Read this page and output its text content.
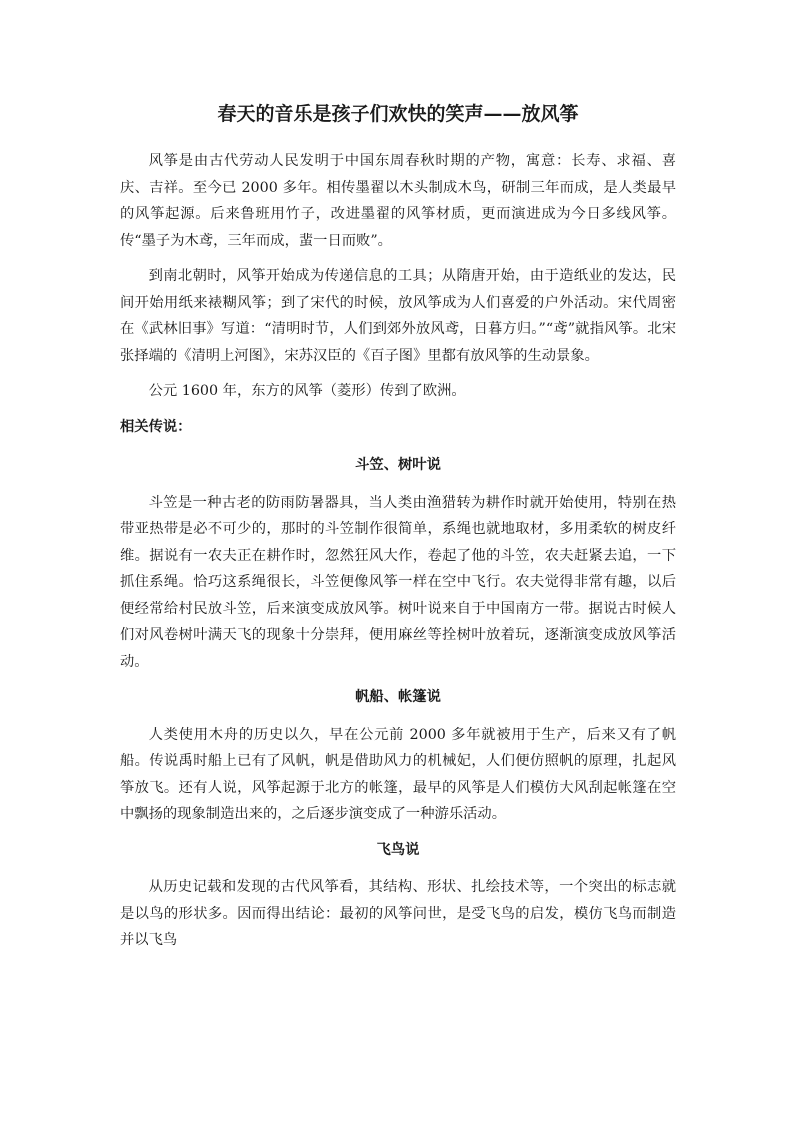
春天的音乐是孩子们欢快的笑声——放风筝

风筝是由古代劳动人民发明于中国东周春秋时期的产物，寓意：长寿、求福、喜庆、吉祥。至今已 2000 多年。相传墨翟以木头制成木鸟，研制三年而成，是人类最早的风筝起源。后来鲁班用竹子，改进墨翟的风筝材质，更而演进成为今日多线风筝。传“墨子为木鸢，三年而成，蜚一日而败”。

到南北朝时，风筝开始成为传递信息的工具；从隋唐开始，由于造纸业的发达，民间开始用纸来裱糊风筝；到了宋代的时候，放风筝成为人们喜爱的户外活动。宋代周密在《武林旧事》写道：“清明时节，人们到郊外放风鸢，日暮方归。”“鸢”就指风筝。北宋张择端的《清明上河图》，宋苏汉臣的《百子图》里都有放风筝的生动景象。

公元 1600 年，东方的风筝（菱形）传到了欧洲。

相关传说：

斗笠、树叶说

斗笠是一种古老的防雨防暑器具，当人类由渔猎转为耕作时就开始使用，特别在热带亚热带是必不可少的，那时的斗笠制作很简单，系绳也就地取材，多用柔软的树皮纤维。据说有一农夫正在耕作时，忽然狂风大作，卷起了他的斗笠，农夫赶紧去追，一下抓住系绳。恰巧这系绳很长，斗笠便像风筝一样在空中飞行。农夫觉得非常有趣，以后便经常给村民放斗笠，后来演变成放风筝。树叶说来自于中国南方一带。据说古时候人们对风卷树叶满天飞的现象十分崇拜，便用麻丝等拴树叶放着玩，逐渐演变成放风筝活动。

帆船、帐篷说

人类使用木舟的历史以久，早在公元前 2000 多年就被用于生产，后来又有了帆船。传说禹时船上已有了风帆，帆是借助风力的机械妃，人们便仿照帆的原理，扎起风筝放飞。还有人说，风筝起源于北方的帐篷，最早的风筝是人们模仿大风刮起帐篷在空中飘扬的现象制造出来的，之后逐步演变成了一种游乐活动。

飞鸟说

从历史记载和发现的古代风筝看，其结构、形状、扎绘技术等，一个突出的标志就是以鸟的形状多。因而得出结论：最初的风筝问世，是受飞鸟的启发，模仿飞鸟而制造并以飞鸟
